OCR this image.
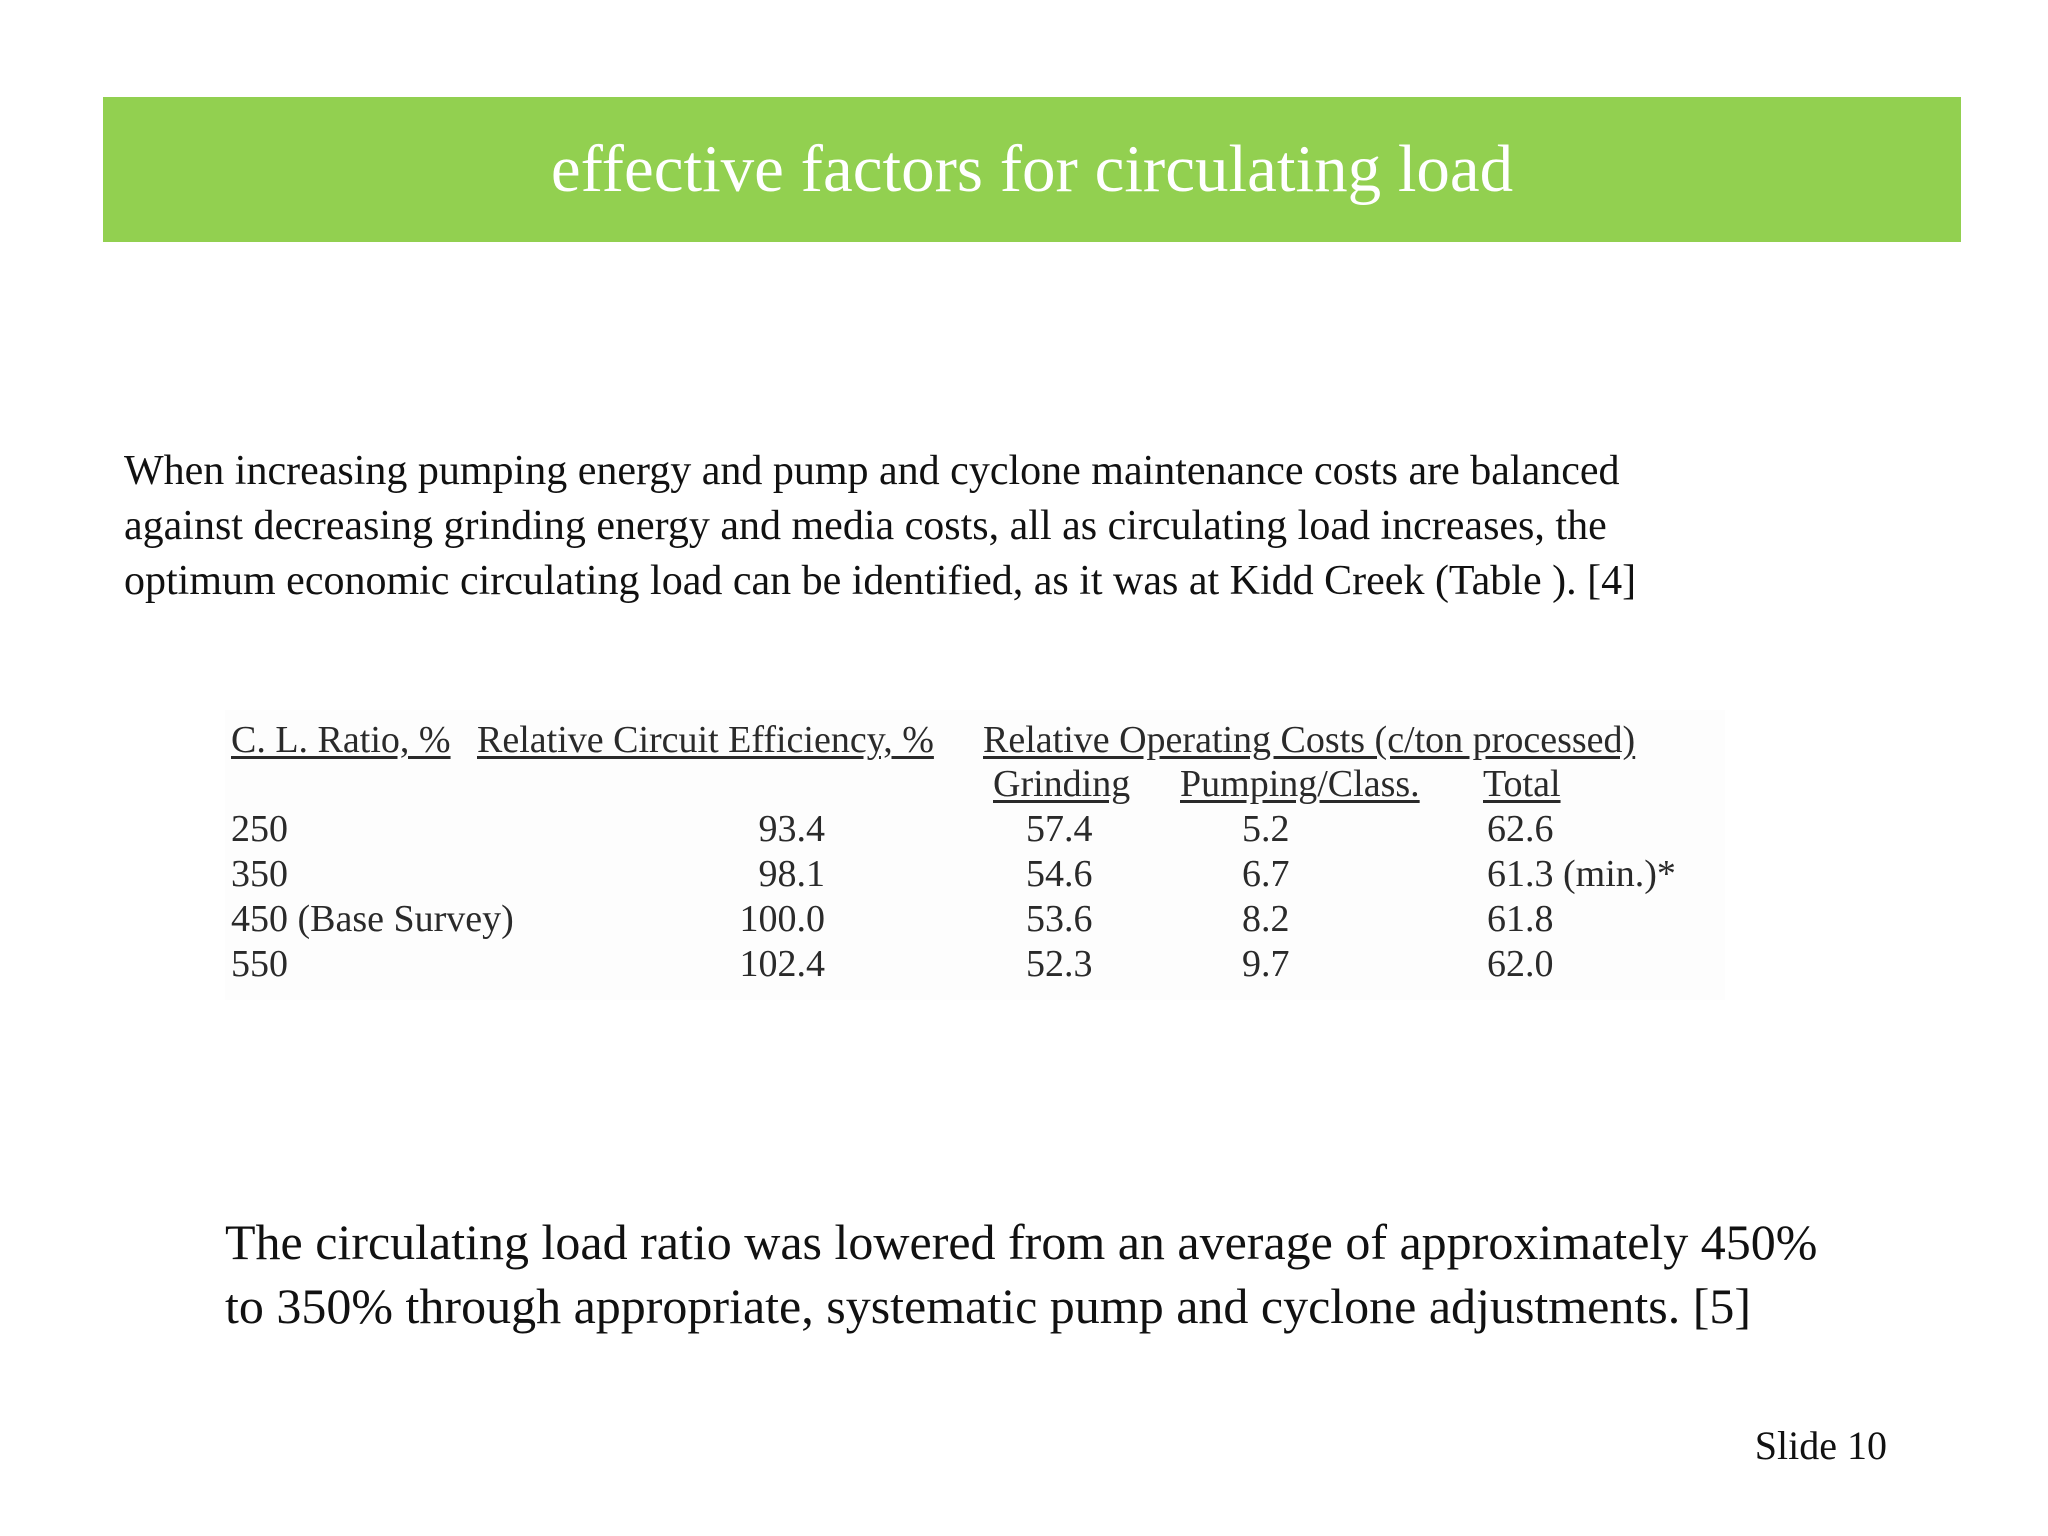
effective factors for circulating load

When increasing pumping energy and pump and cyclone maintenance costs are balanced

against decreasing grinding energy and media costs, all as circulating load increases, the

optimum economic circulating load can be identified, as it was at Kidd Creek (Table ). [4]

C. L. Ratio, % Relative Circuit Efficiency, % Relative Operating Costs (c/ton processed)
Grinding Pumping/Class. Total
250	93.4	57.4	5.2	62.6
350	98.1	54.6	6.7	61.3 (min.)*
450 (Base Survey)	100.0	53.6	8.2	61.8
550	102.4	52.3	9.7	62.0

The circulating load ratio was lowered from an average of approximately 450%

to 350% through appropriate, systematic pump and cyclone adjustments. [5]

Slide 10
